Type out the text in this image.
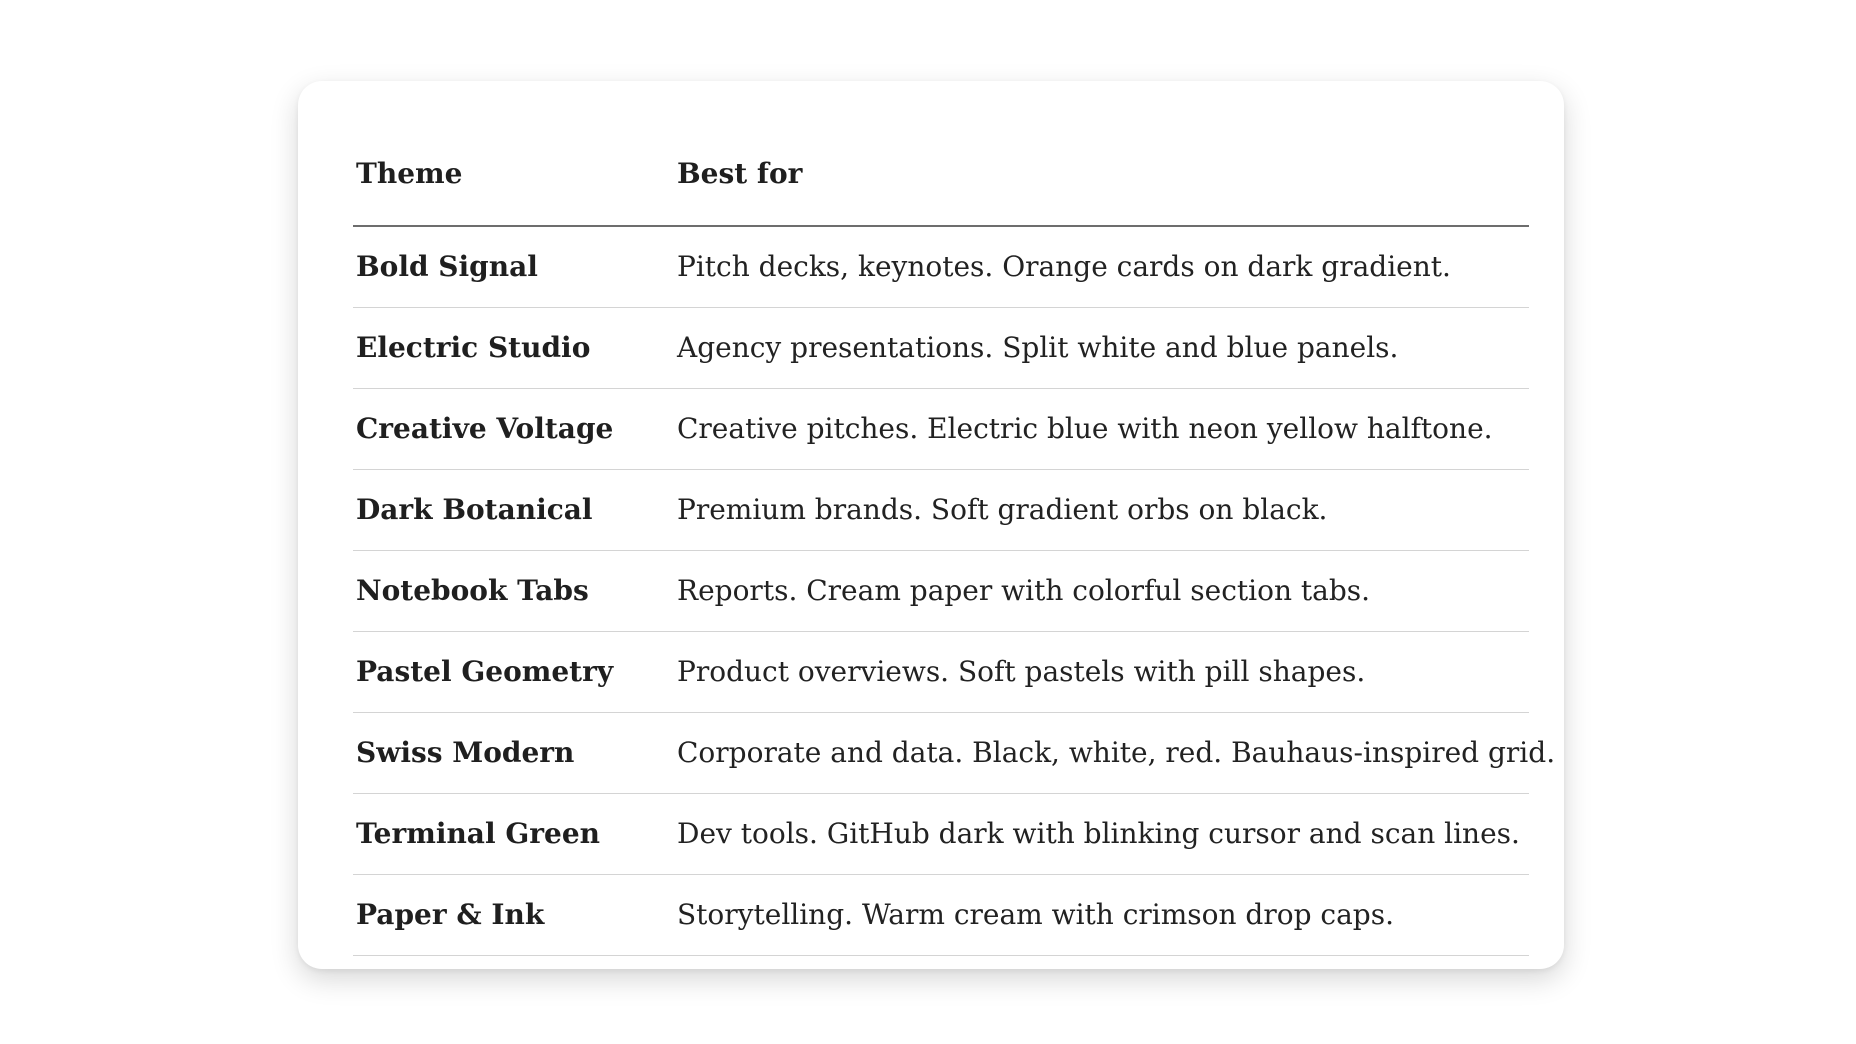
Theme	Best for
Bold Signal	Pitch decks, keynotes. Orange cards on dark gradient.
Electric Studio	Agency presentations. Split white and blue panels.
Creative Voltage	Creative pitches. Electric blue with neon yellow halftone.
Dark Botanical	Premium brands. Soft gradient orbs on black.
Notebook Tabs	Reports. Cream paper with colorful section tabs.
Pastel Geometry	Product overviews. Soft pastels with pill shapes.
Swiss Modern	Corporate and data. Black, white, red. Bauhaus-inspired grid.
Terminal Green	Dev tools. GitHub dark with blinking cursor and scan lines.
Paper & Ink	Storytelling. Warm cream with crimson drop caps.
